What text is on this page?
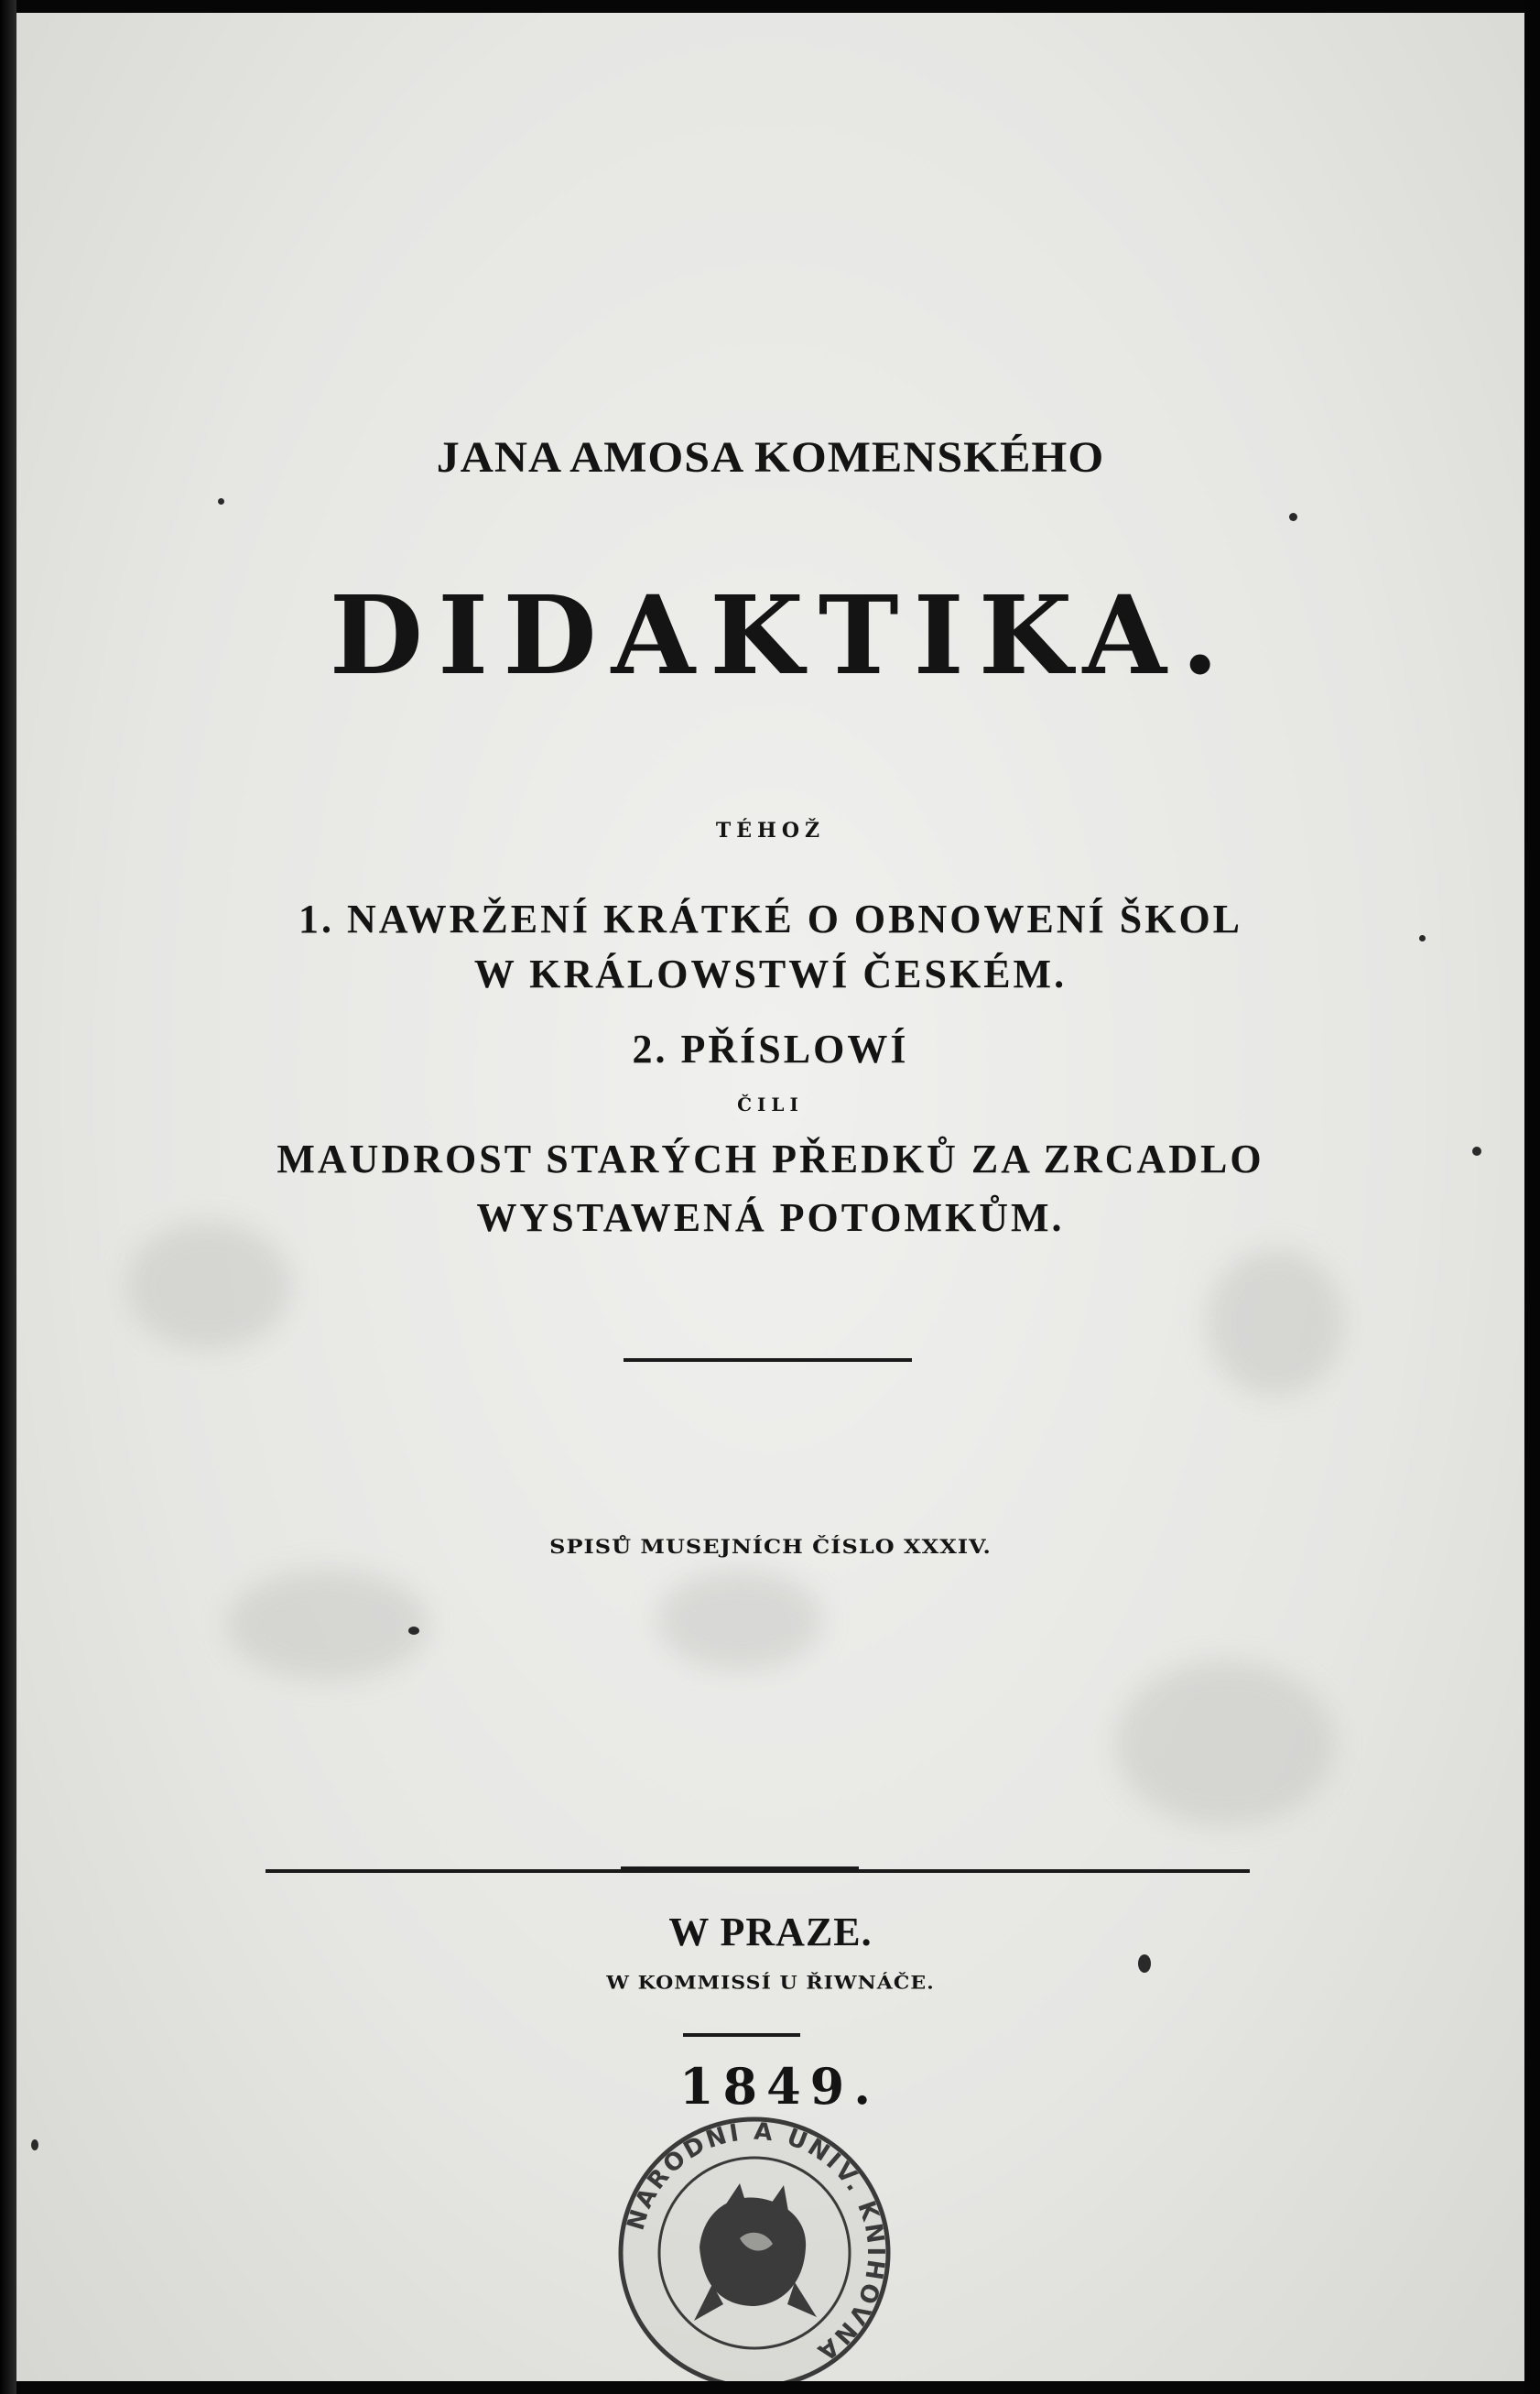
JANA AMOSA KOMENSKÉHO
DIDAKTIKA.
TÉHOŽ
1. NAWRŽENÍ KRÁTKÉ O OBNOWENÍ ŠKOL
W KRÁLOWSTWÍ ČESKÉM.
2. PŘÍSLOWÍ
ČILI
MAUDROST STARÝCH PŘEDKŮ ZA ZRCADLO
WYSTAWENÁ POTOMKŮM.
SPISŮ MUSEJNÍCH ČÍSLO XXXIV.
W PRAZE.
W KOMMISSÍ U ŘIWNÁČE.
1849.
NÁRODNÍ A UNIV. KNIHOVNA
